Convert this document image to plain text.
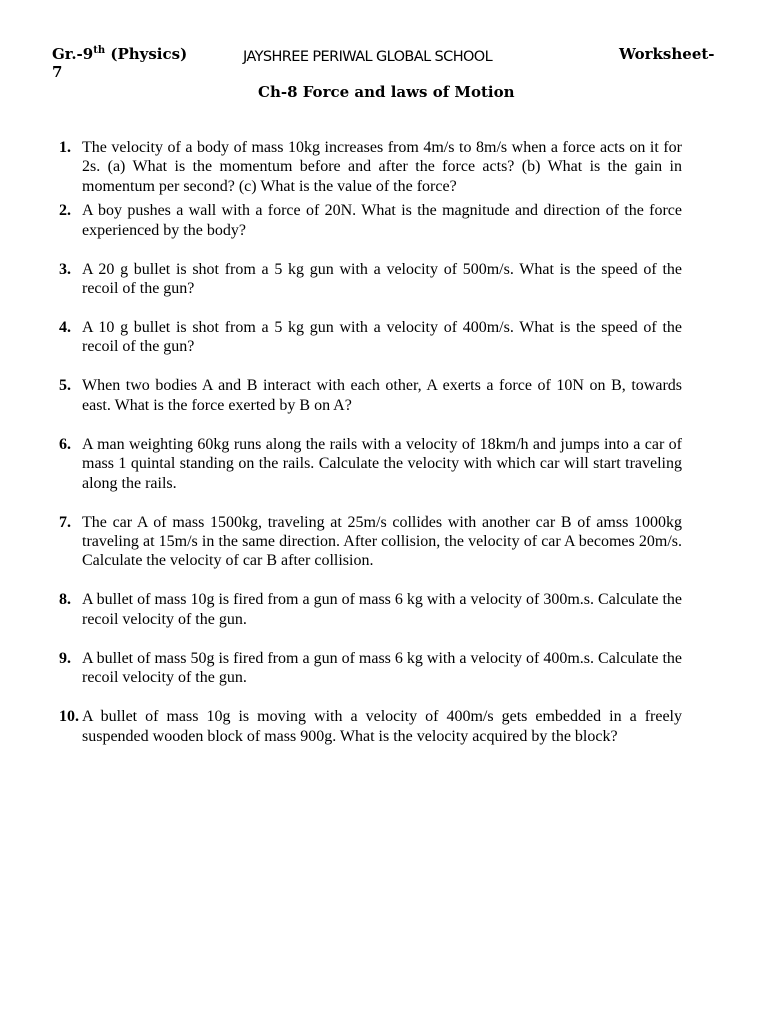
Gr.-9th (Physics)
7
JAYSHREE PERIWAL GLOBAL SCHOOL	Worksheet-
Ch-8 Force and laws of Motion
1. The velocity of a body of mass 10kg increases from 4m/s to 8m/s when a force acts on it for 2s. (a) What is the momentum before and after the force acts? (b) What is the gain in momentum per second? (c) What is the value of the force?
2. A boy pushes a wall with a force of 20N. What is the magnitude and direction of the force experienced by the body?
3. A 20 g bullet is shot from a 5 kg gun with a velocity of 500m/s. What is the speed of the recoil of the gun?
4. A 10 g bullet is shot from a 5 kg gun with a velocity of 400m/s. What is the speed of the recoil of the gun?
5. When two bodies A and B interact with each other, A exerts a force of 10N on B, towards east. What is the force exerted by B on A?
6. A man weighting 60kg runs along the rails with a velocity of 18km/h and jumps into a car of mass 1 quintal standing on the rails. Calculate the velocity with which car will start traveling along the rails.
7. The car A of mass 1500kg, traveling at 25m/s collides with another car B of amss 1000kg traveling at 15m/s in the same direction. After collision, the velocity of car A becomes 20m/s. Calculate the velocity of car B after collision.
8. A bullet of mass 10g is fired from a gun of mass 6 kg with a velocity of 300m.s. Calculate the recoil velocity of the gun.
9. A bullet of mass 50g is fired from a gun of mass 6 kg with a velocity of 400m.s. Calculate the recoil velocity of the gun.
10. A bullet of mass 10g is moving with a velocity of 400m/s gets embedded in a freely suspended wooden block of mass 900g. What is the velocity acquired by the block?
